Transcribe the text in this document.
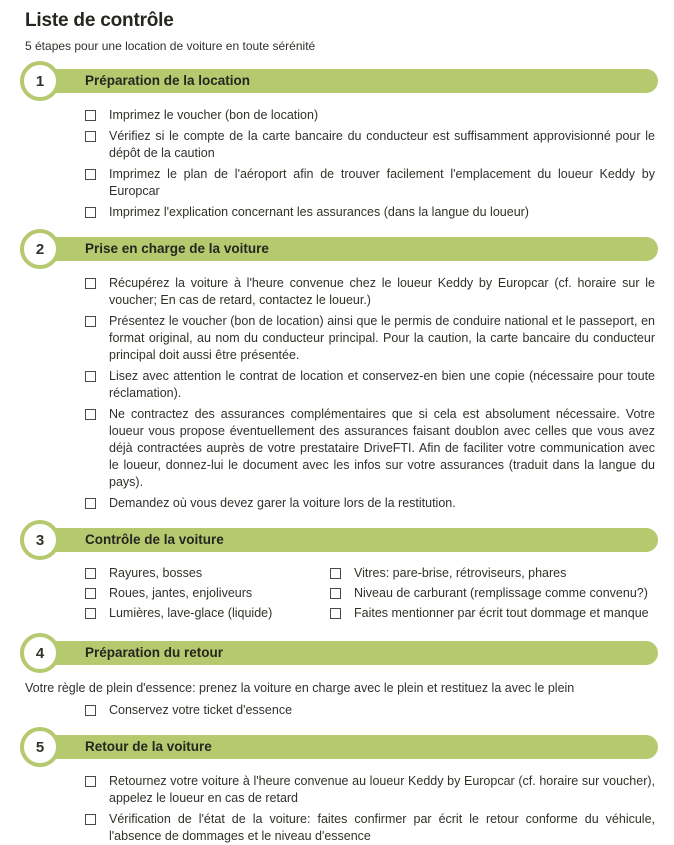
Liste de contrôle

5 étapes pour une location de voiture en toute sérénité

1	Préparation de la location
Imprimez le voucher (bon de location)
Vérifiez si le compte de la carte bancaire du conducteur est suffisamment approvisionné pour le dépôt de la caution
Imprimez le plan de l'aéroport afin de trouver facilement l'emplacement du loueur Keddy by Europcar
Imprimez l'explication concernant les assurances (dans la langue du loueur)
2	Prise en charge de la voiture
Récupérez la voiture à l'heure convenue chez le loueur Keddy by Europcar (cf. horaire sur le voucher; En cas de retard, contactez le loueur.)
Présentez le voucher (bon de location) ainsi que le permis de conduire national et le passeport, en format original, au nom du conducteur principal. Pour la caution, la carte bancaire du conducteur principal doit aussi être présentée.
Lisez avec attention le contrat de location et conservez-en bien une copie (nécessaire pour toute réclamation).
Ne contractez des assurances complémentaires que si cela est absolument nécessaire. Votre loueur vous propose éventuellement des assurances faisant doublon avec celles que vous avez déjà contractées auprès de votre prestataire DriveFTI. Afin de faciliter votre communication avec le loueur, donnez-lui le document avec les infos sur votre assurances (traduit dans la langue du pays).
Demandez où vous devez garer la voiture lors de la restitution.
3	Contrôle de la voiture
Rayures, bosses
Roues, jantes, enjoliveurs
Lumières, lave-glace (liquide)
Vitres: pare-brise, rétroviseurs, phares
Niveau de carburant (remplissage comme convenu?)
Faites mentionner par écrit tout dommage et manque
4	Préparation du retour

Votre règle de plein d'essence: prenez la voiture en charge avec le plein et restituez la avec le plein

Conservez votre ticket d'essence
5	Retour de la voiture
Retournez votre voiture à l'heure convenue au loueur Keddy by Europcar (cf. horaire sur voucher), appelez le loueur en cas de retard
Vérification de l'état de la voiture: faites confirmer par écrit le retour conforme du véhicule, l'absence de dommages et le niveau d'essence
